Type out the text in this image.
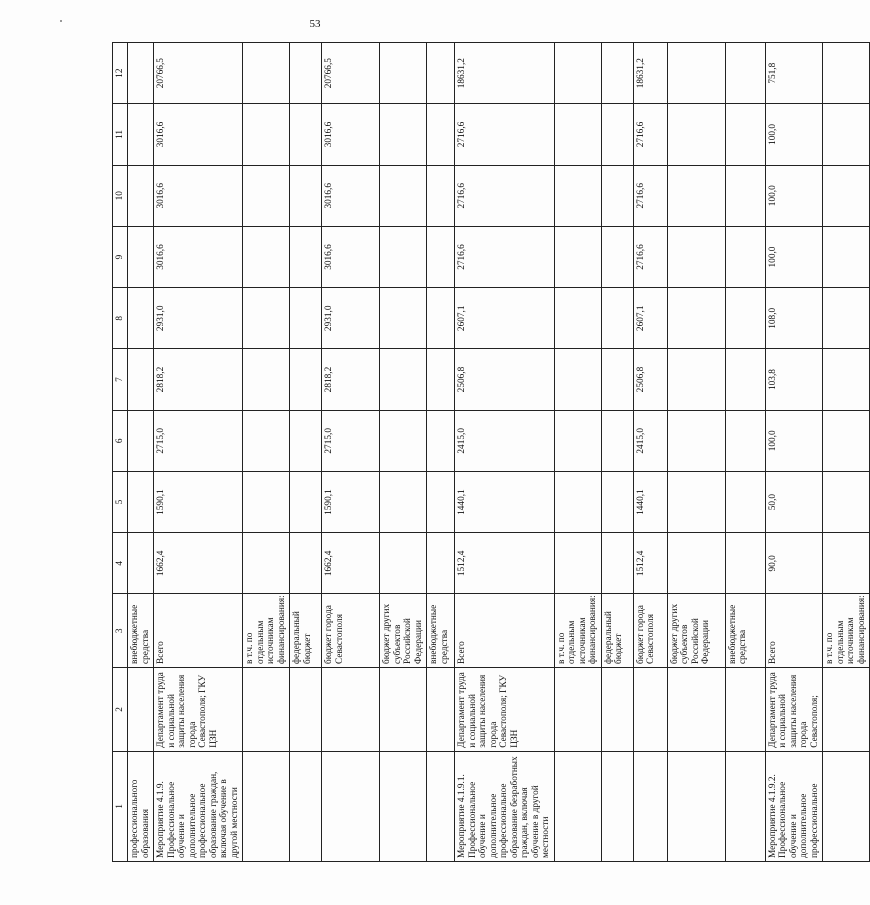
53
1	2	3	4	5	6	7	8	9	10	11	12
профессионального образования		внебюджетные средства									
Мероприятие 4.1.9. Профессиональное обучение и дополнительное профессиональное образование граждан, включая обучение в другой местности	Департамент труда и социальной защиты населения города Севастополя; ГКУ ЦЗН	Всего	1662,4	1590,1	2715,0	2818,2	2931,0	3016,6	3016,6	3016,6	20766,5
		в т.ч. по отдельным источникам финансирования:									
		федеральный бюджет									
		бюджет города Севастополя	1662,4	1590,1	2715,0	2818,2	2931,0	3016,6	3016,6	3016,6	20766,5
		бюджет других субъектов Российской Федерации									
		внебюджетные средства									
Мероприятие 4.1.9.1. Профессиональное обучение и дополнительное профессиональное образование безработных граждан, включая обучение в другой местности	Департамент труда и социальной защиты населения города Севастополя; ГКУ ЦЗН	Всего	1512,4	1440,1	2415,0	2506,8	2607,1	2716,6	2716,6	2716,6	18631,2
		в т.ч. по отдельным источникам финансирования:									
		федеральный бюджет									
		бюджет города Севастополя	1512,4	1440,1	2415,0	2506,8	2607,1	2716,6	2716,6	2716,6	18631,2
		бюджет других субъектов Российской Федерации									
		внебюджетные средства									
Мероприятие 4.1.9.2. Профессиональное обучение и дополнительное профессиональное	Департамент труда и социальной защиты населения города Севастополя;	Всего	90,0	50,0	100,0	103,8	108,0	100,0	100,0	100,0	751,8
		в т.ч. по отдельным источникам финансирования:									
